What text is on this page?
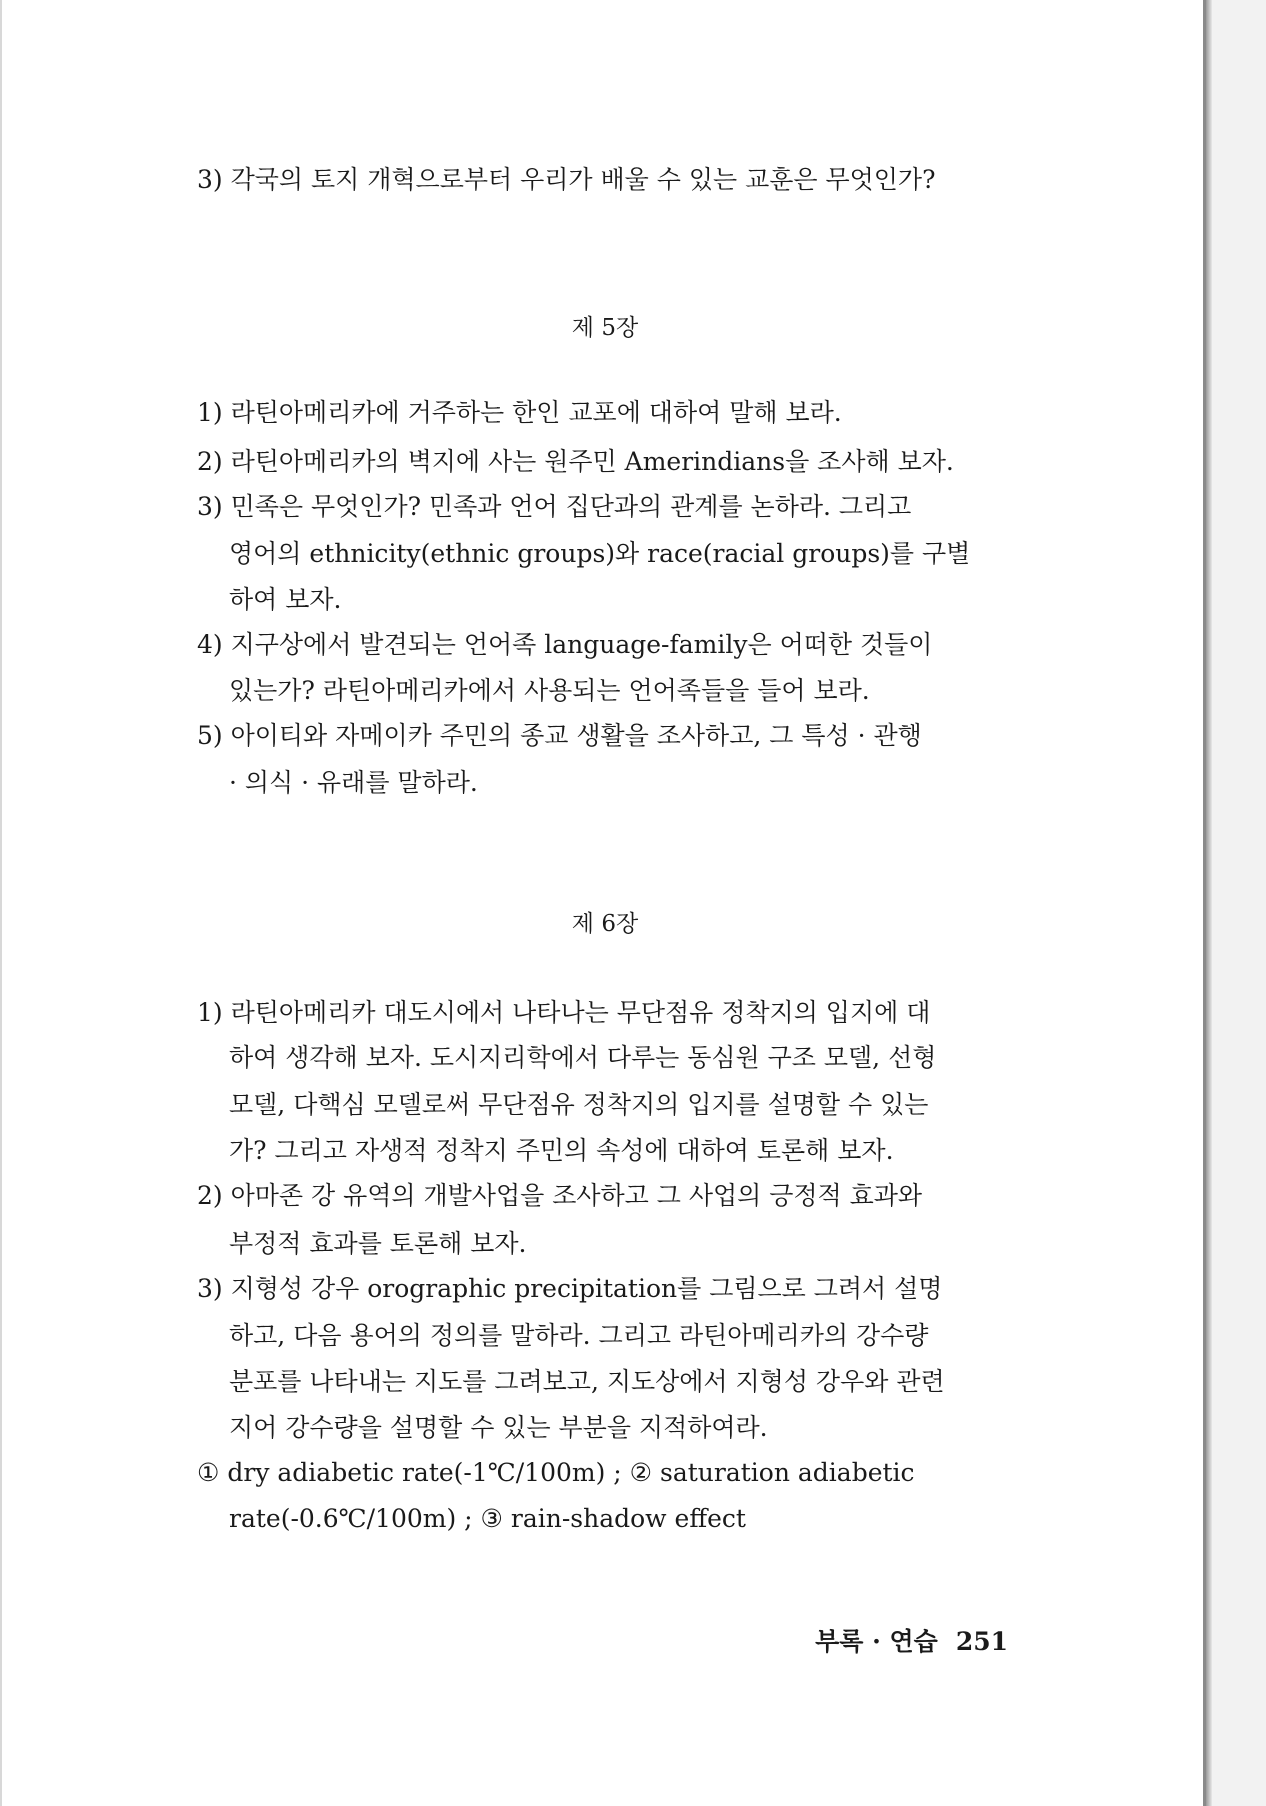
3) 각국의 토지 개혁으로부터 우리가 배울 수 있는 교훈은 무엇인가?
제 5장
1) 라틴아메리카에 거주하는 한인 교포에 대하여 말해 보라.
2) 라틴아메리카의 벽지에 사는 원주민 Amerindians을 조사해 보자.
3) 민족은 무엇인가? 민족과 언어 집단과의 관계를 논하라. 그리고
영어의 ethnicity(ethnic groups)와 race(racial groups)를 구별
하여 보자.
4) 지구상에서 발견되는 언어족 language-family은 어떠한 것들이
있는가? 라틴아메리카에서 사용되는 언어족들을 들어 보라.
5) 아이티와 자메이카 주민의 종교 생활을 조사하고, 그 특성 · 관행
· 의식 · 유래를 말하라.
제 6장
1) 라틴아메리카 대도시에서 나타나는 무단점유 정착지의 입지에 대
하여 생각해 보자. 도시지리학에서 다루는 동심원 구조 모델, 선형
모델, 다핵심 모델로써 무단점유 정착지의 입지를 설명할 수 있는
가? 그리고 자생적 정착지 주민의 속성에 대하여 토론해 보자.
2) 아마존 강 유역의 개발사업을 조사하고 그 사업의 긍정적 효과와
부정적 효과를 토론해 보자.
3) 지형성 강우 orographic precipitation를 그림으로 그려서 설명
하고, 다음 용어의 정의를 말하라. 그리고 라틴아메리카의 강수량
분포를 나타내는 지도를 그려보고, 지도상에서 지형성 강우와 관련
지어 강수량을 설명할 수 있는 부분을 지적하여라.
① dry adiabetic rate(-1℃/100m) ; ② saturation adiabetic
rate(-0.6℃/100m) ; ③ rain-shadow effect
부록 · 연습 251
